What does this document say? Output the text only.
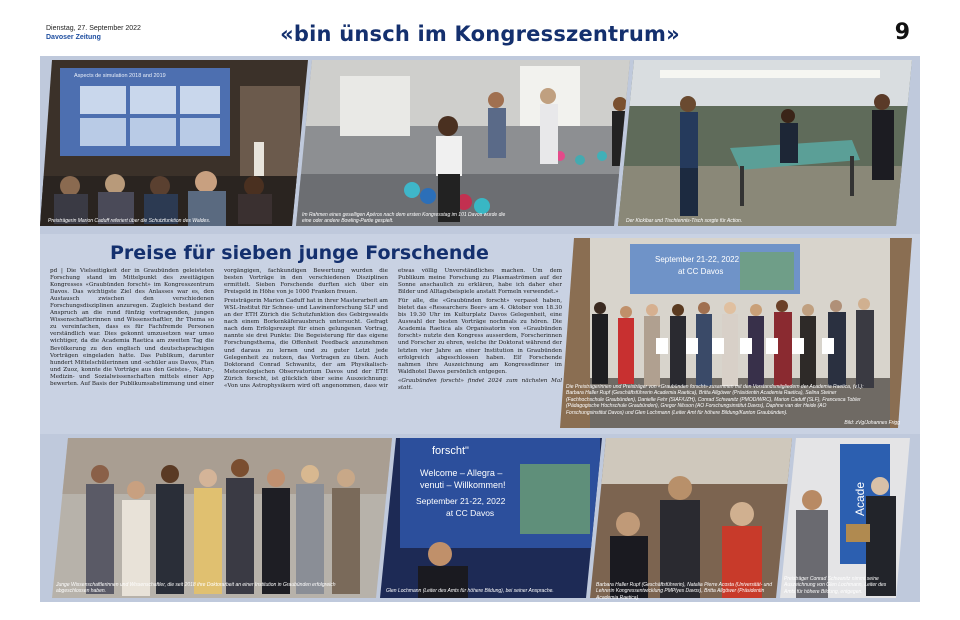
Dienstag, 27. September 2022
Davoser Zeitung	«bin ünsch im Kongresszentrum»	9
Aspects de simulation 2018 and 2019
Preisträgerin Marion Caduff referiert über die Schutzfunktion des Waldes.
Im Rahmen eines geselligen Apéros nach dem ersten Kongresstag im 101 Davos wurde die eine oder andere Bowling-Partie gespielt.	Der Kickibar und Tischtennis-Tisch sorgte für Action.
Preise für sieben junge Forschende

pd | Die Vielseitigkeit der in Graubünden geleisteten Forschung stand im Mittelpunkt des zweitägigen Kongresses «Graubünden forscht» im Kongresszentrum Davos. Das wichtigste Ziel des Anlasses war es, den Austausch zwischen den verschiedenen Forschungsdisziplinen anzuregen. Zugleich bestand der Anspruch an die rund fünfzig vortragenden, jungen Wissenschaftlerinnen und Wissenschaftler, ihr Thema so zu vereinfachen, dass es für Fachfremde Personen verständlich war. Dies gekonnt umzusetzen war umso wichtiger, da die Academia Raetica am zweiten Tag die Bevölkerung zu den englisch und deutschsprachigen Vorträgen eingeladen hatte. Das Publikum, darunter hundert Mittelschülerinnen und -schüler aus Davos, Ftan und Zuoz, konnte die Vorträge aus den Geistes-, Natur-, Medizin- und Sozialwissenschaften mittels einer App bewerten. Auf Basis der Publikumsabstimmung und einer vorgängigen, fachkundigen Bewertung wurden die besten Vorträge in den verschiedenen Disziplinen ermittelt. Sieben Forschende durften sich über ein Preisgeld in Höhe von je 1000 Franken freuen.

Preisträgerin Marion Caduff hat in ihrer Masterarbeit am WSL-Institut für Schnee- und Lawinenforschung SLF und an der ETH Zürich die Schutzfunktion des Gebirgswalds nach einem Borkenkäferausbruch untersucht. Gefragt nach dem Erfolgsrezept für einen gelungenen Vortrag, nannte sie drei Punkte: Die Begeisterung für das eigene Forschungsthema, die Offenheit Feedback anzunehmen und daraus zu lernen und zu guter Letzt jede Gelegenheit zu nutzen, das Vortragen zu üben. Auch Doktorand Conrad Schwanitz, der am Physikalisch-Meteorologischen Observatorium Davos und der ETH Zürich forscht, ist glücklich über seine Auszeichnung: «Von uns Astrophysikern wird oft angenommen, dass wir etwas völlig Unverständliches machen. Um dem Publikum meine Forschung zu Plasmaströmen auf der Sonne anschaulich zu erklären, habe ich daher eher Bilder und Alltagsbeispiele anstatt Formeln verwendet.»

Für alle, die «Graubünden forscht» verpasst haben, bietet das «Researchers Beer» am 4. Oktober von 18.30 bis 19.30 Uhr im Kulturplatz Davos Gelegenheit, eine Auswahl der besten Vorträge nochmals zu hören. Die Academia Raetica als Organisatorin von «Graubünden forscht» nutzte den Kongress ausserdem, Forscherinnen und Forscher zu ehren, welche ihr Doktorat während der letzten vier Jahre an einer Institution in Graubünden erfolgreich abgeschlossen haben. Elf Forschende nahmen ihre Auszeichnung am Kongressdinner im Waldhotel Davos persönlich entgegen.

«Graubünden forscht» findet 2024 zum nächsten Mal statt.

September 21-22, 2022
at CC Davos
Die Preisträgerinnen und Preisträger von «Graubünden forscht» zusammen mit den Vorstandsmitgliedern der Academia Raetica, (v.l.): Barbara Haller Rupf (Geschäftsführerin Academia Raetica), Britta Allgöwer (Präsidentin Academia Raetica), Selina Steiner (Fachhochschule Graubünden), Danielle Fehr (SIAF/UZH), Conrad Schwanitz (PMOD/WRC), Marion Caduff (SLF), Francesca Tobler (Pädagogische Hochschule Graubünden), Gregor Nilsson (AO Forschungsinstitut Davos), Daphne van der Heide (AO Forschungsinstitut Davos) und Glen Lochmann (Leiter Amt für höhere Bildung/Kanton Graubünden).
Bild: zVg/Johannes Frigg
forscht"
Welcome – Allegra –
venuti – Willkommen!
September 21-22, 2022
at CC Davos	Acade
Junge Wissenschaftlerinnen und Wissenschaftler, die seit 2018 ihre Doktorarbeit an einer Institution in Graubünden erfolgreich abgeschlossen haben.	Glen Lochmann (Leiter des Amts für höhere Bildung), bei seiner Ansprache.
Barbara Haller Rupf (Geschäftsführerin), Natalia Pierre Acosta (Universität- und Lehrerin Kongressentwicklung PMPlyes Davos), Britta Allgöwer (Präsidentin Academia Raetica).
Preisträger Conrad Schwanitz nimmt seine Auszeichnung von Glen Lochmann, Leiter des Amts für höhere Bildung, entgegen.
